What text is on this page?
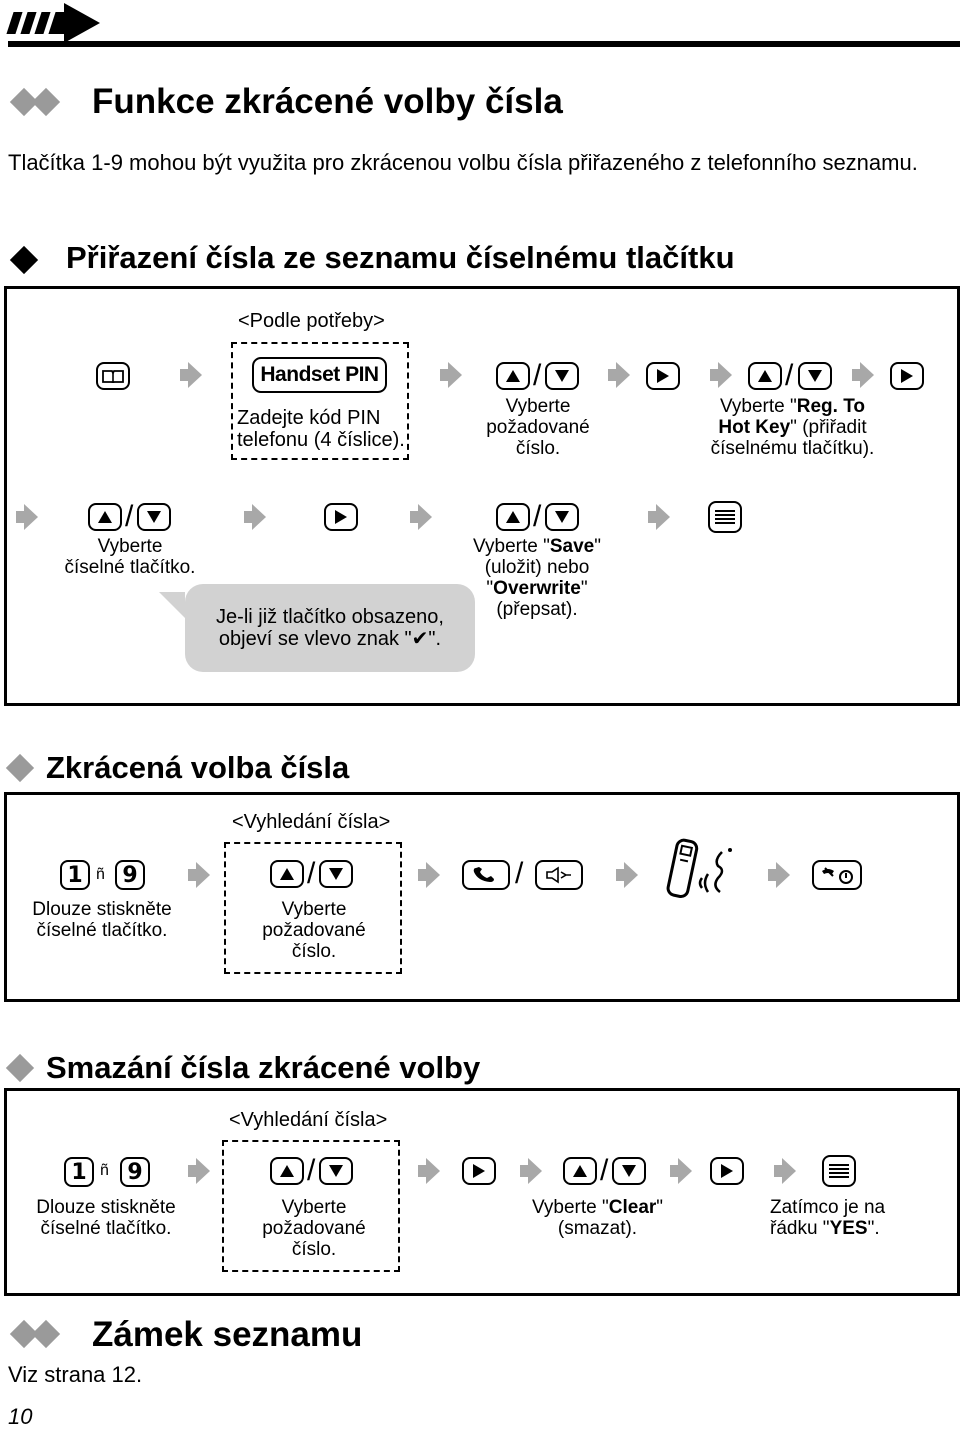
Funkce zkrácené volby čísla
Tlačítka 1-9 mohou být využita pro zkrácenou volbu čísla přiřazeného z telefonního seznamu.
Přiřazení čísla ze seznamu číselnému tlačítku
<Podle potřeby>
Handset PIN
Zadejte kód PIN
telefonu (4 číslice).
/
Vyberte
požadované
číslo.
/
Vyberte "Reg. To
Hot Key" (přiřadit
číselnému tlačítku).
/
Vyberte
číselné tlačítko.
/
Vyberte "Save"
(uložit) nebo
"Overwrite"
(přepsat).
Je-li již tlačítko obsazeno,
objeví se vlevo znak "✔".
Zkrácená volba čísla
<Vyhledání čísla>
1 ñ 9
Dlouze stiskněte
číselné tlačítko.
/
Vyberte
požadované
číslo.
/
Smazání čísla zkrácené volby
<Vyhledání čísla>
1 ñ 9
Dlouze stiskněte
číselné tlačítko.
/
Vyberte
požadované
číslo.
/
Vyberte "Clear"
(smazat).
Zatímco je na
řádku "YES".
Zámek seznamu
Viz strana 12.
10
